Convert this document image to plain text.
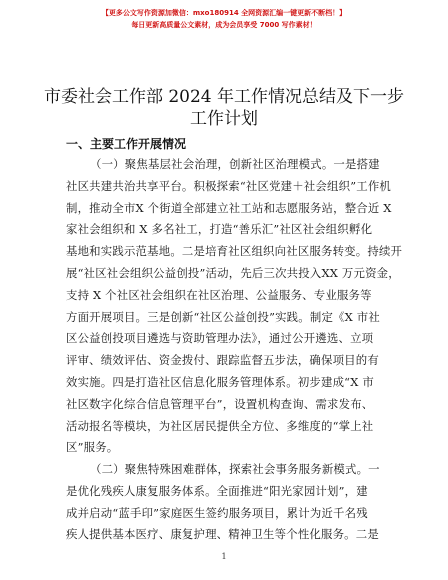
【更多公文写作资源加微信：mxo180914 全网资源汇编一键更新不断档！】
每日更新高质量公文素材，成为会员享受 7000 写作素材！
市委社会工作部 2024 年工作情况总结及下一步
工作计划
一、主要工作开展情况
（一）聚焦基层社会治理，创新社区治理模式。一是搭建
社区共建共治共享平台。积极探索“社区党建＋社会组织”工作机
制，推动全市X 个街道全部建立社工站和志愿服务站，整合近 X
家社会组织和 X 多名社工，打造“善乐汇”社区社会组织孵化
基地和实践示范基地。二是培育社区组织向社区服务转变。持续开
展“社区社会组织公益创投”活动，先后三次共投入XX 万元资金，
支持 X 个社区社会组织在社区治理、公益服务、专业服务等
方面开展项目。三是创新“社区公益创投”实践。制定《X 市社
区公益创投项目遴选与资助管理办法》，通过公开遴选、立项
评审、绩效评估、资金拨付、跟踪监督五步法，确保项目的有
效实施。四是打造社区信息化服务管理体系。初步建成“X 市
社区数字化综合信息管理平台”，设置机构查询、需求发布、
活动报名等模块，为社区居民提供全方位、多维度的“掌上社
区”服务。
（二）聚焦特殊困难群体，探索社会事务服务新模式。一
是优化残疾人康复服务体系。全面推进“阳光家园计划”，建
成并启动“蓝手印”家庭医生签约服务项目，累计为近千名残
疾人提供基本医疗、康复护理、精神卫生等个性化服务。二是
1
